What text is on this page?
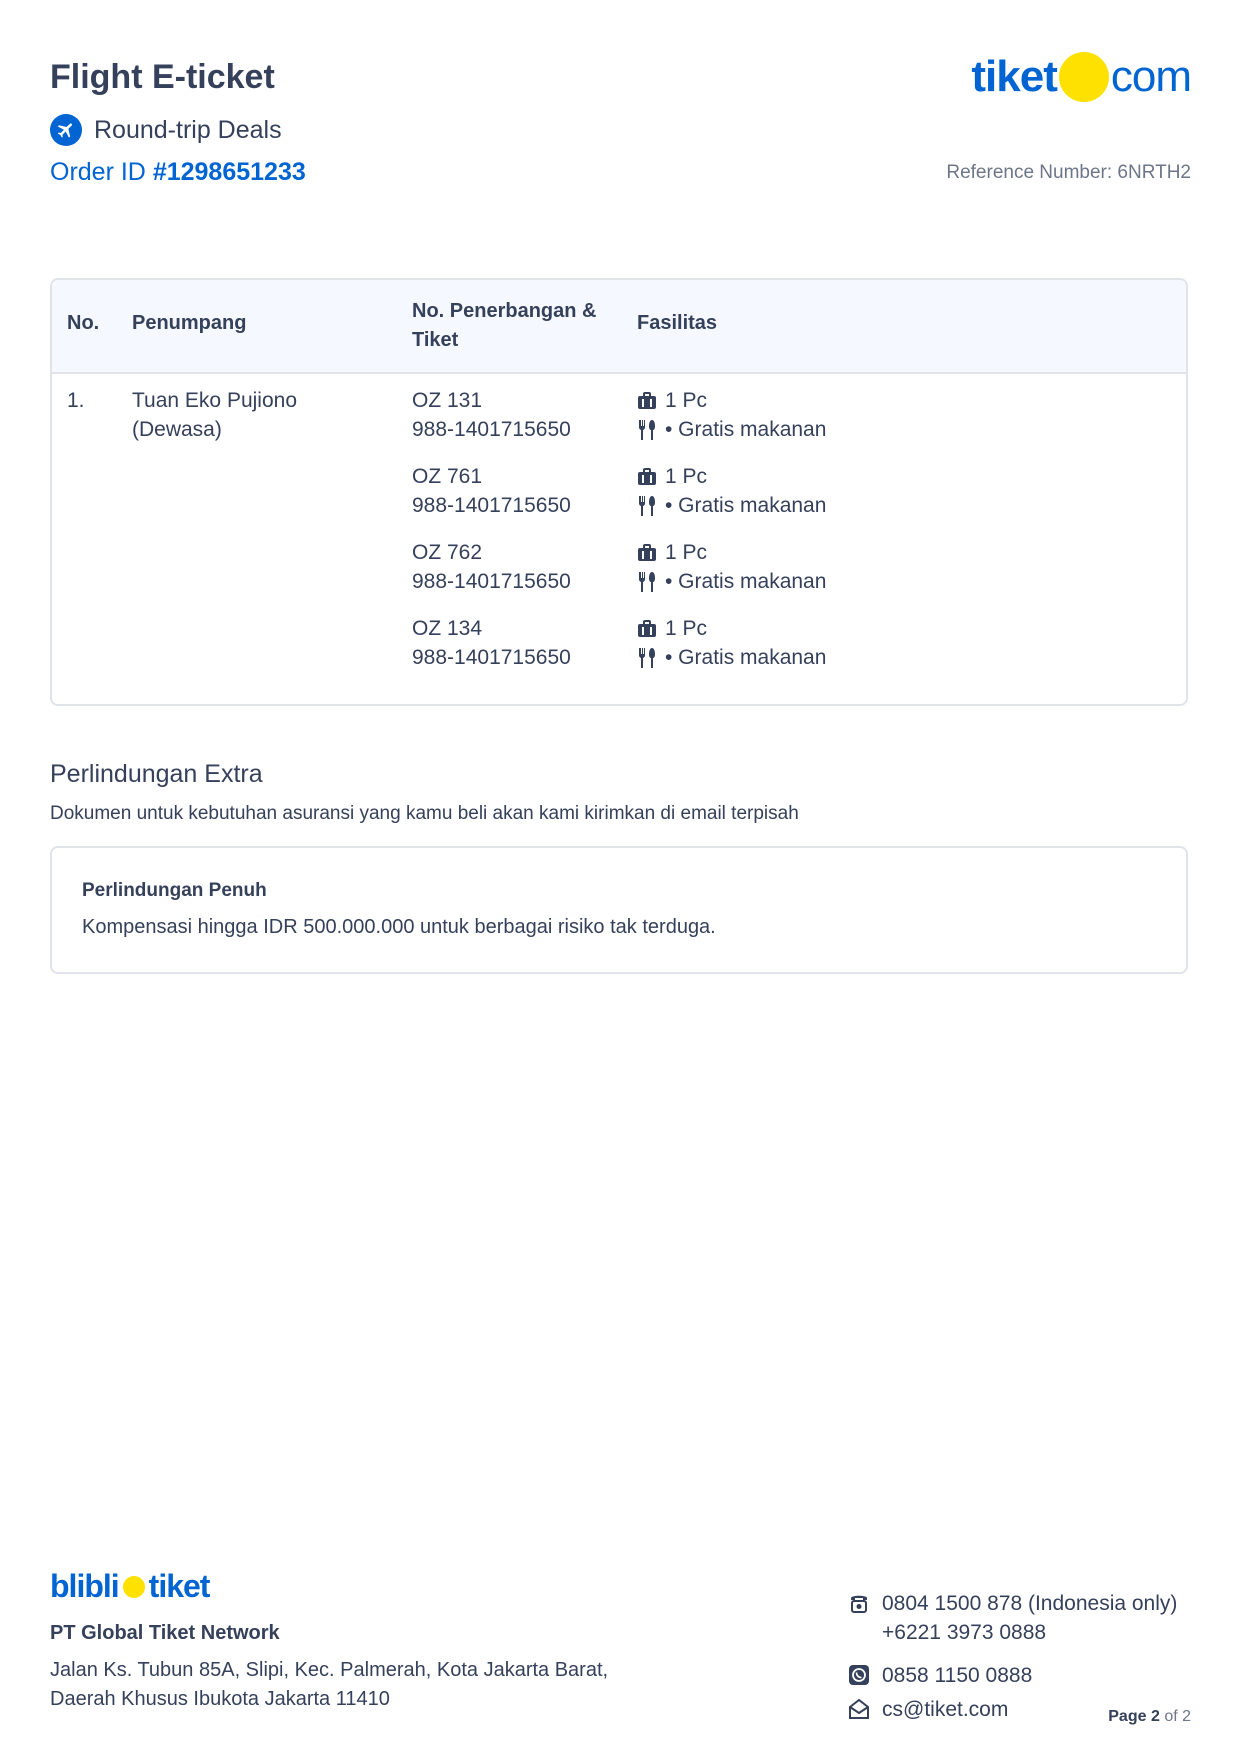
Flight E-ticket
Round-trip Deals
Order ID #1298651233
tiket com
Reference Number: 6NRTH2
No. Penumpang
No. Penerbangan & Tiket
Fasilitas
1. Tuan Eko Pujiono
(Dewasa)
OZ 131
988-1401715650
1 Pc
• Gratis makanan
OZ 761
988-1401715650
1 Pc
• Gratis makanan
OZ 762
988-1401715650
1 Pc
• Gratis makanan
OZ 134
988-1401715650
1 Pc
• Gratis makanan
Perlindungan Extra
Dokumen untuk kebutuhan asuransi yang kamu beli akan kami kirimkan di email terpisah
Perlindungan Penuh
Kompensasi hingga IDR 500.000.000 untuk berbagai risiko tak terduga.
blibli tiket
PT Global Tiket Network
Jalan Ks. Tubun 85A, Slipi, Kec. Palmerah, Kota Jakarta Barat,
Daerah Khusus Ibukota Jakarta 11410
0804 1500 878 (Indonesia only)
+6221 3973 0888
0858 1150 0888
cs@tiket.com	Page 2 of 2
